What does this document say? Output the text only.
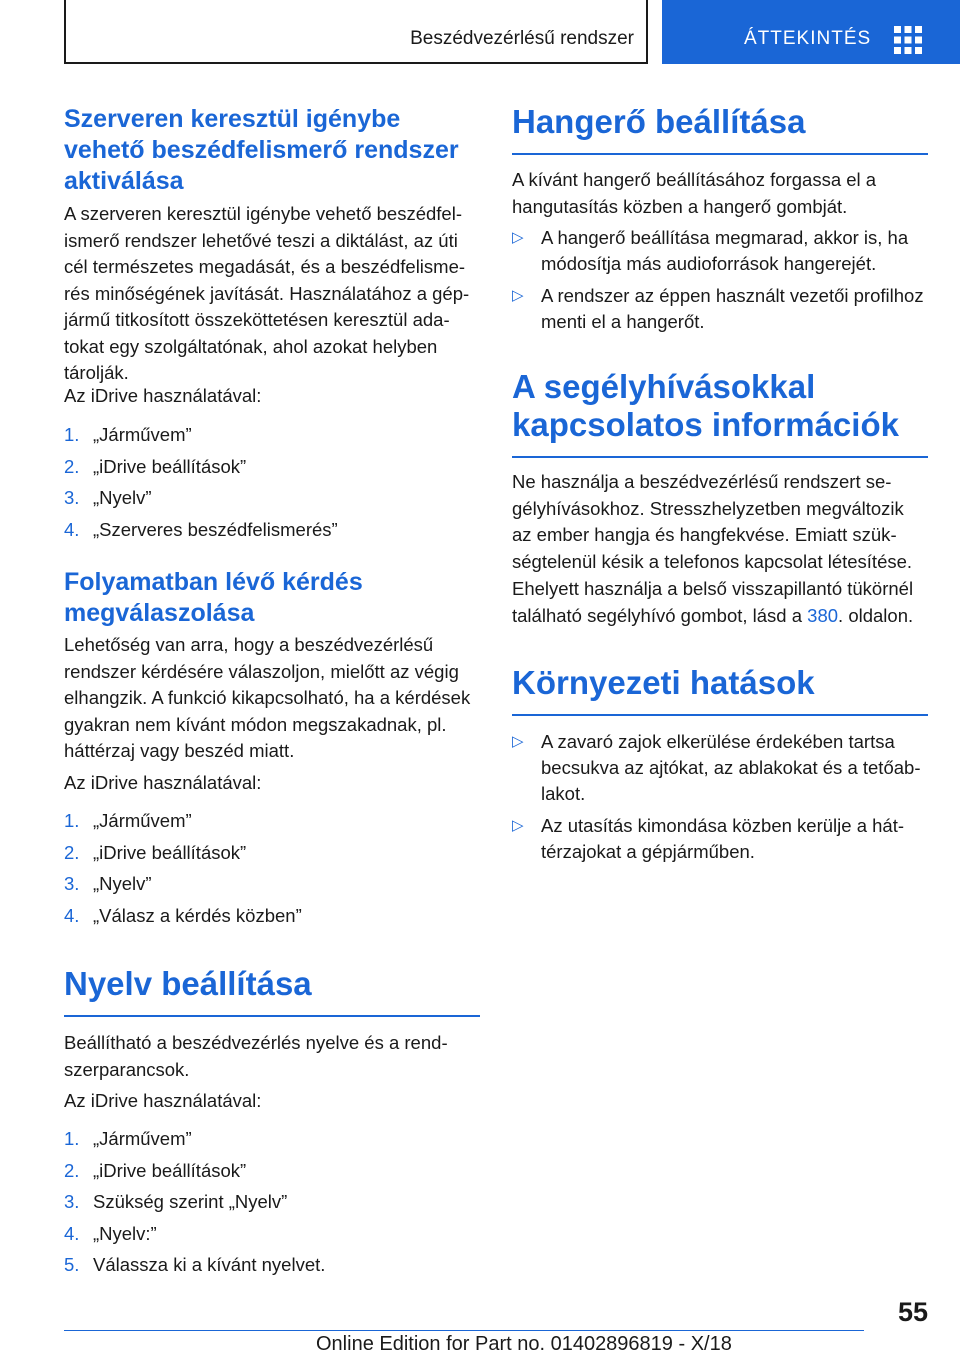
Beszédvezérlésű rendszer	ÁTTEKINTÉS
Szerveren keresztül igénybe vehető beszédfelismerő rendszer aktiválása

A szerveren keresztül igénybe vehető beszédfelismerő rendszer lehetővé teszi a diktálást, az úti cél természetes megadását, és a beszédfelismerés minőségének javítását. Használatához a gépjármű titkosított összeköttetésen keresztül adatokat egy szolgáltatónak, ahol azokat helyben tárolják.

Az iDrive használatával:

1. „Járművem”
2. „iDrive beállítások”
3. „Nyelv”
4. „Szerveres beszédfelismerés”
Folyamatban lévő kérdés megválaszolása

Lehetőség van arra, hogy a beszédvezérlésű rendszer kérdésére válaszoljon, mielőtt az végig elhangzik. A funkció kikapcsolható, ha a kérdések gyakran nem kívánt módon megszakadnak, pl. háttérzaj vagy beszéd miatt.

Az iDrive használatával:

1. „Járművem”
2. „iDrive beállítások”
3. „Nyelv”
4. „Válasz a kérdés közben”
Nyelv beállítása

Beállítható a beszédvezérlés nyelve és a rendszerparancsok.

Az iDrive használatával:

1. „Járművem”
2. „iDrive beállítások”
3. Szükség szerint „Nyelv”
4. „Nyelv:”
5. Válassza ki a kívánt nyelvet.
Hangerő beállítása

A kívánt hangerő beállításához forgassa el a hangutasítás közben a hangerő gombját.

▷ A hangerő beállítása megmarad, akkor is, ha módosítja más audioforrások hangerejét.
▷ A rendszer az éppen használt vezetői profilhoz menti el a hangerőt.
A segélyhívásokkal kapcsolatos információk

Ne használja a beszédvezérlésű rendszert segélyhívásokhoz. Stresszhelyzetben megváltozik az ember hangja és hangfekvése. Emiatt szükségtelenül késik a telefonos kapcsolat létesítése.

Ehelyett használja a belső visszapillantó tükörnél található segélyhívó gombot, lásd a 380. oldalon.

Környezeti hatások
▷ A zavaró zajok elkerülése érdekében tartsa becsukva az ajtókat, az ablakokat és a tetőablakot.
▷ Az utasítás kimondása közben kerülje a háttérzajokat a gépjárműben.
55
Online Edition for Part no. 01402896819 - X/18
